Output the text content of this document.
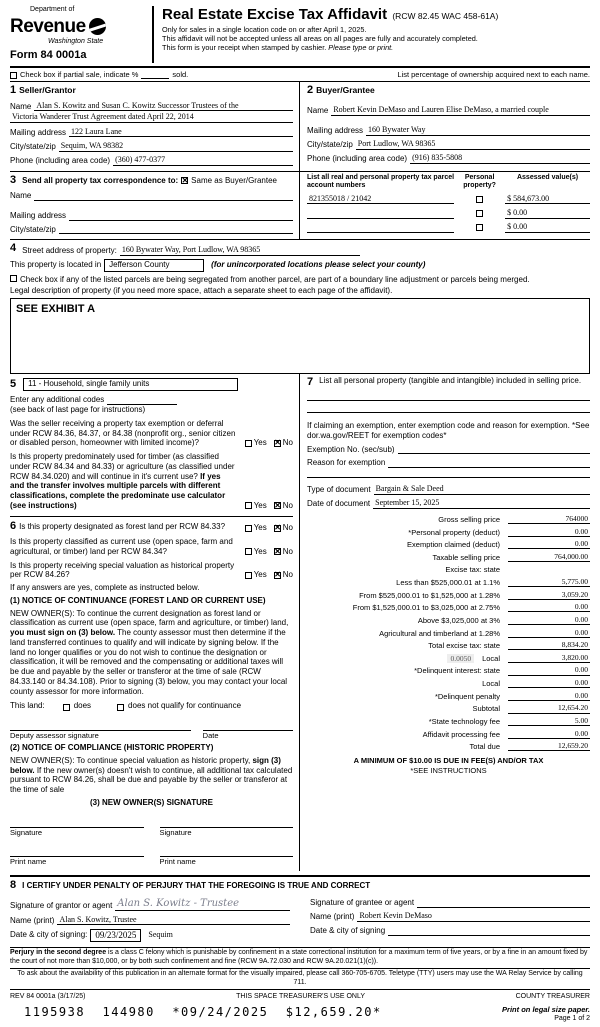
Department of
Revenue
Washington State
Form 84 0001a
Real Estate Excise Tax Affidavit (RCW 82.45 WAC 458-61A)
Only for sales in a single location code on or after April 1, 2025.
This affidavit will not be accepted unless all areas on all pages are fully and accurately completed.
This form is your receipt when stamped by cashier. Please type or print.
Check box if partial sale, indicate %	sold.	List percentage of ownership acquired next to each name.
1 Seller/Grantor
Name Alan S. Kowitz and Susan C. Kowitz Successor Trustees of the
Victoria Wanderer Trust Agreement dated April 22, 2014
Mailing address 122 Laura Lane
City/state/zip Sequim, WA 98382
Phone (including area code) (360) 477-0377
2 Buyer/Grantee
Name Robert Kevin DeMaso and Lauren Elise DeMaso, a married couple
Mailing address 160 Bywater Way
City/state/zip Port Ludlow, WA 98365
Phone (including area code) (916) 835-5808
3 Send all property tax correspondence to: ✕ Same as Buyer/Grantee
Name
Mailing address
City/state/zip
List all real and personal property tax parcel account numbers
Personal property?
Assessed value(s)
821355018 / 21042	$ 584,673.00
$ 0.00
$ 0.00
4 Street address of property: 160 Bywater Way, Port Ludlow, WA 98365
This property is located in	Jefferson County	(for unincorporated locations please select your county)
Check box if any of the listed parcels are being segregated from another parcel, are part of a boundary line adjustment or parcels being merged.
Legal description of property (if you need more space, attach a separate sheet to each page of the affidavit).
SEE EXHIBIT A
5	11 - Household, single family units
Enter any additional codes
(see back of last page for instructions)
Was the seller receiving a property tax exemption or deferral under RCW 84.36, 84.37, or 84.38 (nonprofit org., senior citizen or disabled person, homeowner with limited income)?	Yes ✕ No
Is this property predominately used for timber (as classified under RCW 84.34 and 84.33) or agriculture (as classified under RCW 84.34.020) and will continue in it's current use? If yes and the transfer involves multiple parcels with different classifications, complete the predominate use calculator (see instructions)	Yes ✕ No
6 Is this property designated as forest land per RCW 84.33?	Yes ✕ No
Is this property classified as current use (open space, farm and agricultural, or timber) land per RCW 84.34?	Yes ✕ No
Is this property receiving special valuation as historical property per RCW 84.26?	Yes ✕ No
If any answers are yes, complete as instructed below.
(1) NOTICE OF CONTINUANCE (FOREST LAND OR CURRENT USE)
NEW OWNER(S): To continue the current designation as forest land or classification as current use (open space, farm and agriculture, or timber) land, you must sign on (3) below. The county assessor must then determine if the land transferred continues to qualify and will indicate by signing below. If the land no longer qualifies or you do not wish to continue the designation or classification, it will be removed and the compensating or additional taxes will be due and payable by the seller or transferor at the time of sale (RCW 84.33.140 or 84.34.108). Prior to signing (3) below, you may contact your local county assessor for more information.
This land:	does	does not qualify for continuance
Deputy assessor signature	Date
(2) NOTICE OF COMPLIANCE (HISTORIC PROPERTY)
NEW OWNER(S): To continue special valuation as historic property, sign (3) below. If the new owner(s) doesn't wish to continue, all additional tax calculated pursuant to RCW 84.26, shall be due and payable by the seller or transferor at the time of sale
(3) NEW OWNER(S) SIGNATURE
Signature	Signature
Print name	Print name
7 List all personal property (tangible and intangible) included in selling price.
If claiming an exemption, enter exemption code and reason for exemption. *See dor.wa.gov/REET for exemption codes*
Exemption No. (sec/sub)
Reason for exemption
Type of document Bargain & Sale Deed
Date of document September 15, 2025
Gross selling price	764000
*Personal property (deduct)	0.00
Exemption claimed (deduct)	0.00
Taxable selling price	764,000.00
Excise tax: state
Less than $525,000.01 at 1.1%	5,775.00
From $525,000.01 to $1,525,000 at 1.28%	3,059.20
From $1,525,000.01 to $3,025,000 at 2.75%	0.00
Above $3,025,000 at 3%	0.00
Agricultural and timberland at 1.28%	0.00
Total excise tax: state	8,834.20
0.0050	Local	3,820.00
*Delinquent interest: state	0.00
Local	0.00
*Delinquent penalty	0.00
Subtotal	12,654.20
*State technology fee	5.00
Affidavit processing fee	0.00
Total due	12,659.20
A MINIMUM OF $10.00 IS DUE IN FEE(S) AND/OR TAX
*SEE INSTRUCTIONS
8 I CERTIFY UNDER PENALTY OF PERJURY THAT THE FOREGOING IS TRUE AND CORRECT
Signature of grantor or agent Alan S. Kowitz - Trustee
Name (print) Alan S. Kowitz, Trustee
Date & city of signing: 09/23/2025	Sequim
Signature of grantee or agent
Name (print) Robert Kevin DeMaso
Date & city of signing
Perjury in the second degree is a class C felony which is punishable by confinement in a state correctional institution for a maximum term of five years, or by a fine in an amount fixed by the court of not more than $10,000, or by both such confinement and fine (RCW 9A.72.030 and RCW 9A.20.021(1)(c)).
To ask about the availability of this publication in an alternate format for the visually impaired, please call 360-705-6705. Teletype (TTY) users may use the WA Relay Service by calling 711.
REV 84 0001a (3/17/25)	THIS SPACE TREASURER'S USE ONLY	COUNTY TREASURER
1195938  144980  *09/24/2025  $12,659.20*	Print on legal size paper.
Page 1 of 2
